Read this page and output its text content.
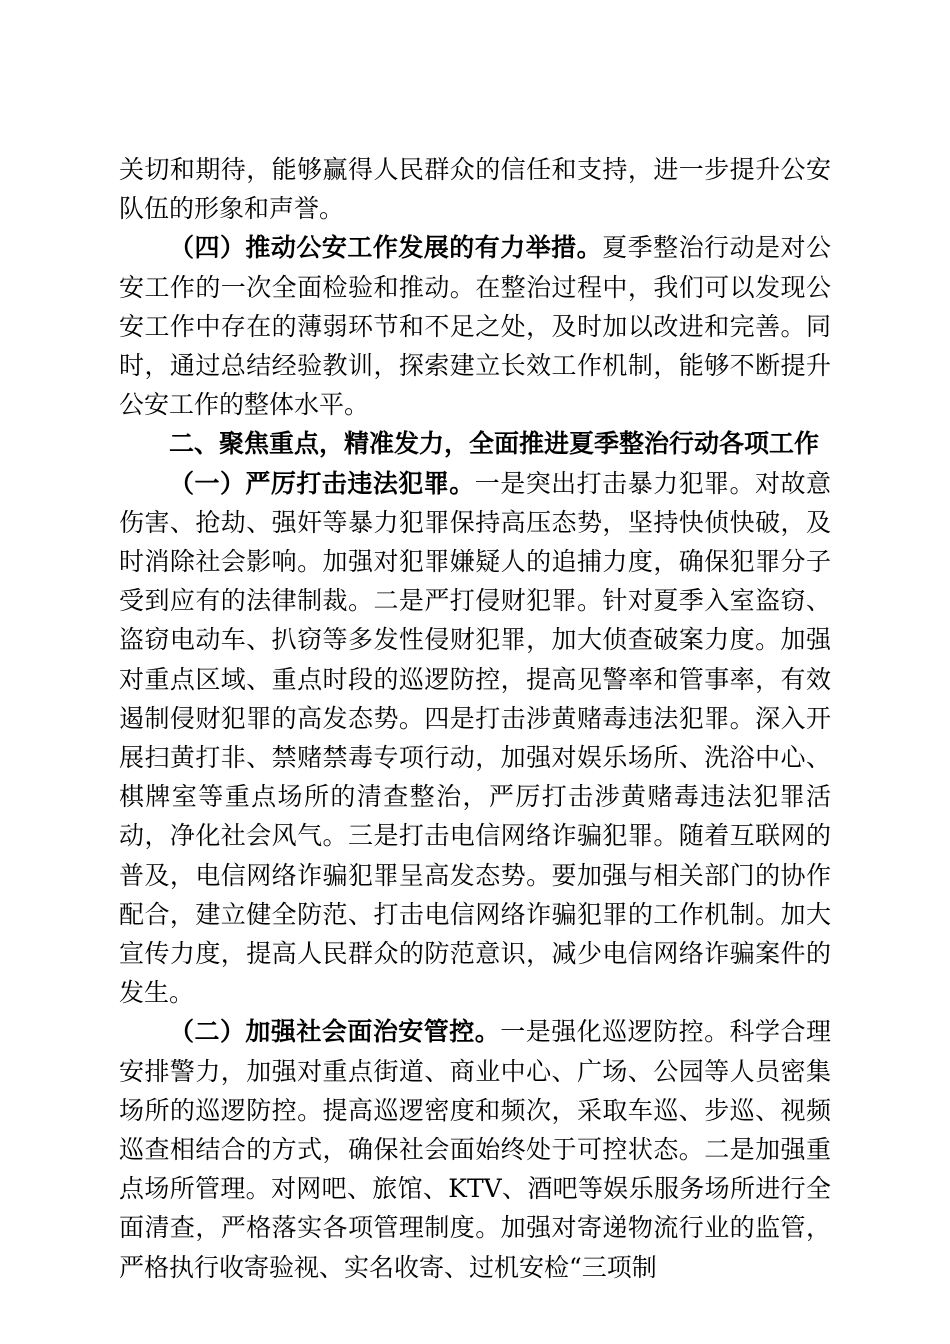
关切和期待，能够赢得人民群众的信任和支持，进一步提升公安队伍的形象和声誉。

（四）推动公安工作发展的有力举措。夏季整治行动是对公安工作的一次全面检验和推动。在整治过程中，我们可以发现公安工作中存在的薄弱环节和不足之处，及时加以改进和完善。同时，通过总结经验教训，探索建立长效工作机制，能够不断提升公安工作的整体水平。

二、聚焦重点，精准发力，全面推进夏季整治行动各项工作

（一）严厉打击违法犯罪。一是突出打击暴力犯罪。对故意伤害、抢劫、强奸等暴力犯罪保持高压态势，坚持快侦快破，及时消除社会影响。加强对犯罪嫌疑人的追捕力度，确保犯罪分子受到应有的法律制裁。二是严打侵财犯罪。针对夏季入室盗窃、盗窃电动车、扒窃等多发性侵财犯罪，加大侦查破案力度。加强对重点区域、重点时段的巡逻防控，提高见警率和管事率，有效遏制侵财犯罪的高发态势。四是打击涉黄赌毒违法犯罪。深入开展扫黄打非、禁赌禁毒专项行动，加强对娱乐场所、洗浴中心、棋牌室等重点场所的清查整治，严厉打击涉黄赌毒违法犯罪活动，净化社会风气。三是打击电信网络诈骗犯罪。随着互联网的普及，电信网络诈骗犯罪呈高发态势。要加强与相关部门的协作配合，建立健全防范、打击电信网络诈骗犯罪的工作机制。加大宣传力度，提高人民群众的防范意识，减少电信网络诈骗案件的发生。

（二）加强社会面治安管控。一是强化巡逻防控。科学合理安排警力，加强对重点街道、商业中心、广场、公园等人员密集场所的巡逻防控。提高巡逻密度和频次，采取车巡、步巡、视频巡查相结合的方式，确保社会面始终处于可控状态。二是加强重点场所管理。对网吧、旅馆、KTV、酒吧等娱乐服务场所进行全面清查，严格落实各项管理制度。加强对寄递物流行业的监管，严格执行收寄验视、实名收寄、过机安检“三项制
